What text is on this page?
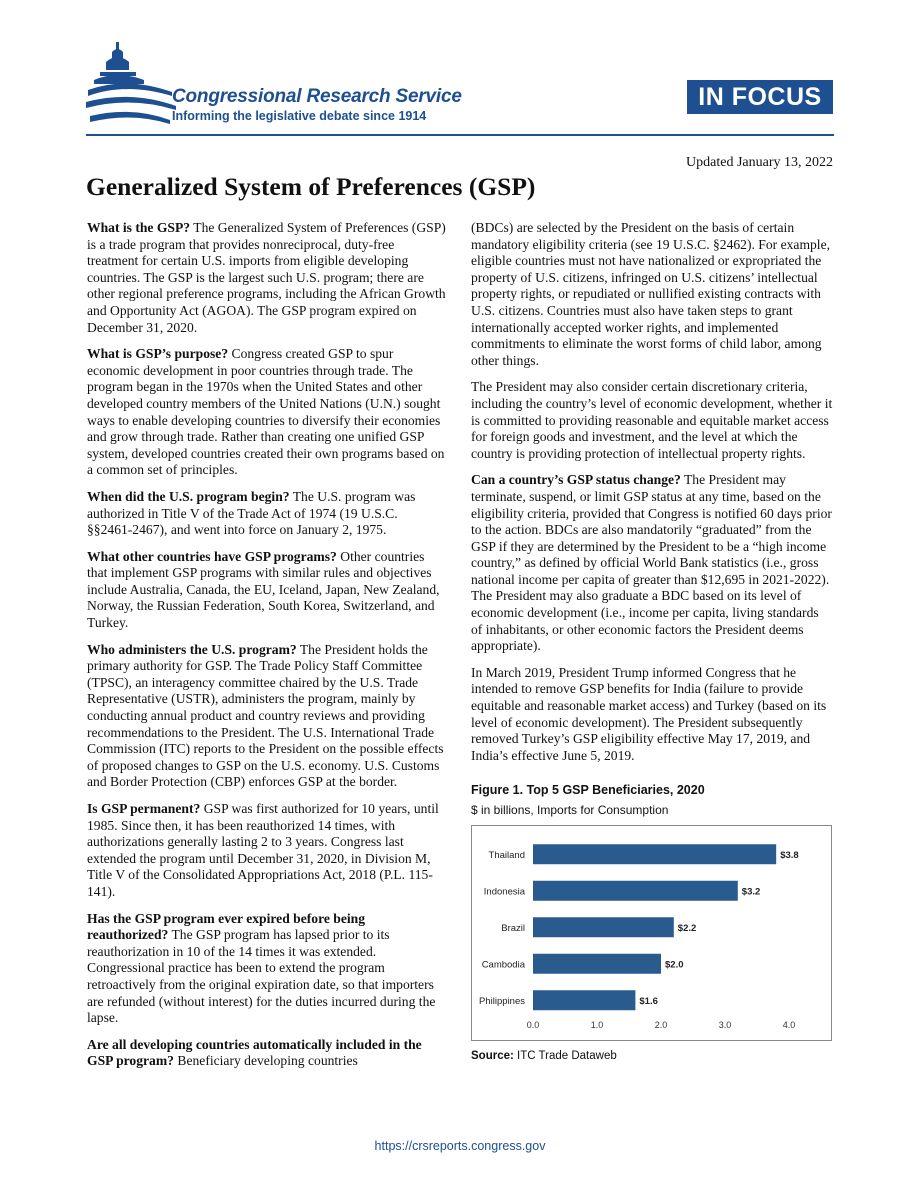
Congressional Research Service
Informing the legislative debate since 1914
IN FOCUS
Updated January 13, 2022
Generalized System of Preferences (GSP)

What is the GSP? The Generalized System of Preferences (GSP) is a trade program that provides nonreciprocal, duty-free treatment for certain U.S. imports from eligible developing countries. The GSP is the largest such U.S. program; there are other regional preference programs, including the African Growth and Opportunity Act (AGOA). The GSP program expired on December 31, 2020.

What is GSP’s purpose? Congress created GSP to spur economic development in poor countries through trade. The program began in the 1970s when the United States and other developed country members of the United Nations (U.N.) sought ways to enable developing countries to diversify their economies and grow through trade. Rather than creating one unified GSP system, developed countries created their own programs based on a common set of principles.

When did the U.S. program begin? The U.S. program was authorized in Title V of the Trade Act of 1974 (19 U.S.C. §§2461-2467), and went into force on January 2, 1975.

What other countries have GSP programs? Other countries that implement GSP programs with similar rules and objectives include Australia, Canada, the EU, Iceland, Japan, New Zealand, Norway, the Russian Federation, South Korea, Switzerland, and Turkey.

Who administers the U.S. program? The President holds the primary authority for GSP. The Trade Policy Staff Committee (TPSC), an interagency committee chaired by the U.S. Trade Representative (USTR), administers the program, mainly by conducting annual product and country reviews and providing recommendations to the President. The U.S. International Trade Commission (ITC) reports to the President on the possible effects of proposed changes to GSP on the U.S. economy. U.S. Customs and Border Protection (CBP) enforces GSP at the border.

Is GSP permanent? GSP was first authorized for 10 years, until 1985. Since then, it has been reauthorized 14 times, with authorizations generally lasting 2 to 3 years. Congress last extended the program until December 31, 2020, in Division M, Title V of the Consolidated Appropriations Act, 2018 (P.L. 115-141).

Has the GSP program ever expired before being reauthorized? The GSP program has lapsed prior to its reauthorization in 10 of the 14 times it was extended. Congressional practice has been to extend the program retroactively from the original expiration date, so that importers are refunded (without interest) for the duties incurred during the lapse.

Are all developing countries automatically included in the GSP program? Beneficiary developing countries

(BDCs) are selected by the President on the basis of certain mandatory eligibility criteria (see 19 U.S.C. §2462). For example, eligible countries must not have nationalized or expropriated the property of U.S. citizens, infringed on U.S. citizens’ intellectual property rights, or repudiated or nullified existing contracts with U.S. citizens. Countries must also have taken steps to grant internationally accepted worker rights, and implemented commitments to eliminate the worst forms of child labor, among other things.

The President may also consider certain discretionary criteria, including the country’s level of economic development, whether it is committed to providing reasonable and equitable market access for foreign goods and investment, and the level at which the country is providing protection of intellectual property rights.

Can a country’s GSP status change? The President may terminate, suspend, or limit GSP status at any time, based on the eligibility criteria, provided that Congress is notified 60 days prior to the action. BDCs are also mandatorily “graduated” from the GSP if they are determined by the President to be a “high income country,” as defined by official World Bank statistics (i.e., gross national income per capita of greater than $12,695 in 2021-2022). The President may also graduate a BDC based on its level of economic development (i.e., income per capita, living standards of inhabitants, or other economic factors the President deems appropriate).

In March 2019, President Trump informed Congress that he intended to remove GSP benefits for India (failure to provide equitable and reasonable market access) and Turkey (based on its level of economic development). The President subsequently removed Turkey’s GSP eligibility effective May 17, 2019, and India’s effective June 5, 2019.

Figure 1. Top 5 GSP Beneficiaries, 2020
$ in billions, Imports for Consumption
Thailand	$3.8
Indonesia	$3.2
Brazil	$2.2
Cambodia	$2.0
Philippines	$1.6
0.0	1.0	2.0	3.0	4.0
Source: ITC Trade Dataweb
https://crsreports.congress.gov
